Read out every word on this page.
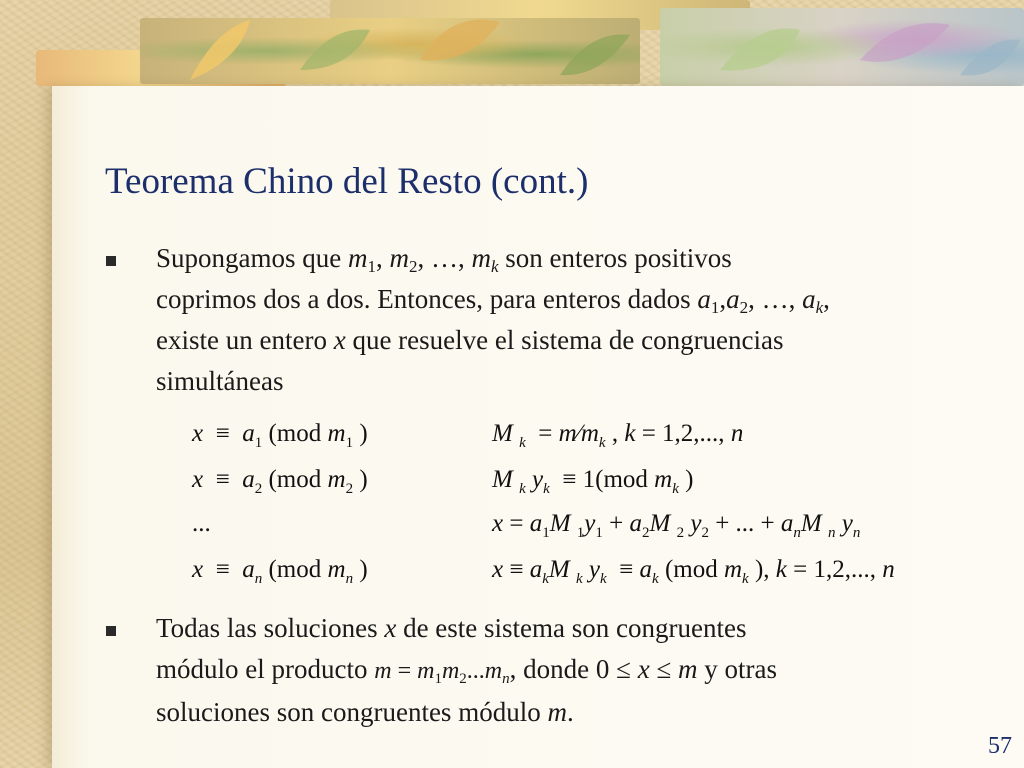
Teorema Chino del Resto (cont.)
Supongamos que $m_1$, $m_2$, …, $m_k$ son enteros positivos
coprimos dos a dos. Entonces, para enteros dados $a_1,a_2$, …, $a_k$,
existe un entero x que resuelve el sistema de congruencias
simultáneas
$x \equiv a_1$ (mod $m_1$ )
$x \equiv a_2$ (mod $m_2$ )
...
$x \equiv a_n$ (mod $m_n$ )
M $_k = m∕m_k$ , k = 1,2,..., n
M $_k$ $y_k \equiv 1(mod$ $m_k$ )
$x = a_1M$ $_1y_1 + a_2M$ $_2$ $y_2$ + ... + $a_nM$ $_n$ $y_n$
$x \equiv a_kM$ $_k$ $y_k \equiv a_k$ (mod $m_k$ ), k = 1,2,..., n
Todas las soluciones x de este sistema son congruentes
módulo el producto $m = m_1m_2...m_n$, donde 0 ≤ x ≤ m y otras
soluciones son congruentes módulo m.
57
